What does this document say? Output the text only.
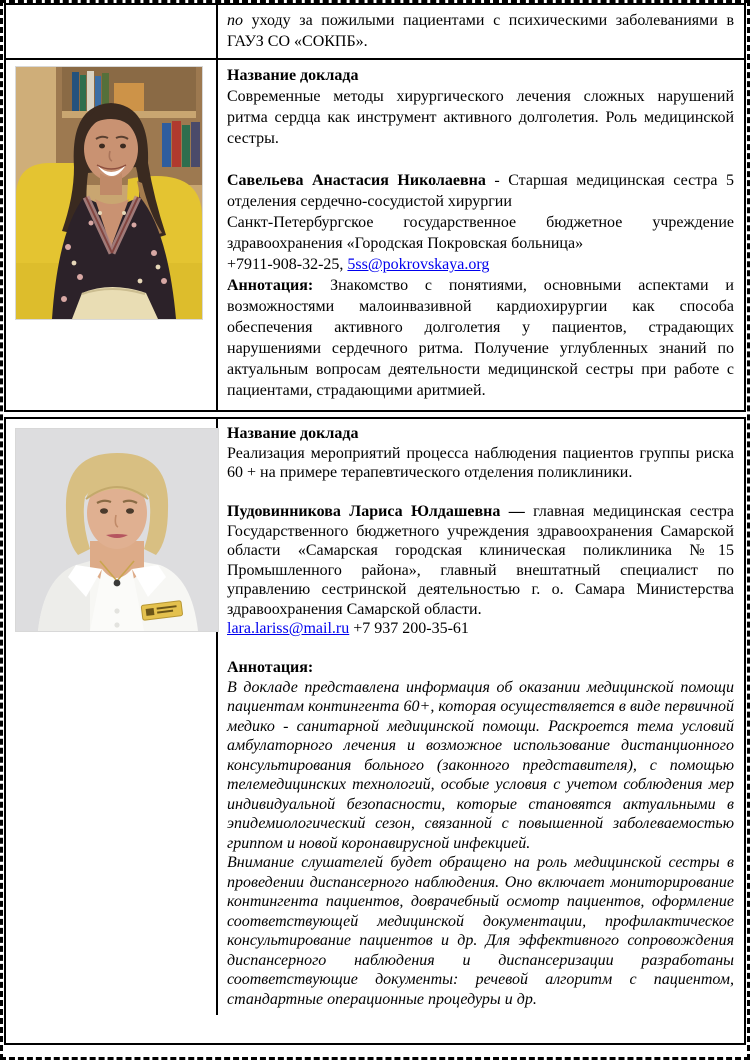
по уходу за пожилыми пациентами с психическими заболеваниями в ГАУЗ СО «СОКПБ».

Название доклада

Современные методы хирургического лечения сложных нарушений ритма сердца как инструмент активного долголетия. Роль медицинской сестры.

Савельева Анастасия Николаевна - Старшая медицинская сестра 5 отделения сердечно-сосудистой хирургии

Санкт-Петербургское государственное бюджетное учреждение здравоохранения «Городская Покровская больница»

+7911-908-32-25, 5ss@pokrovskaya.org

Аннотация: Знакомство с понятиями, основными аспектами и возможностями малоинвазивной кардиохирургии как способа обеспечения активного долголетия у пациентов, страдающих нарушениями сердечного ритма. Получение углубленных знаний по актуальным вопросам деятельности медицинской сестры при работе с пациентами, страдающими аритмией.

Название доклада

Реализация мероприятий процесса наблюдения пациентов группы риска 60 + на примере терапевтического отделения поликлиники.

Пудовинникова Лариса Юлдашевна — главная медицинская сестра Государственного бюджетного учреждения здравоохранения Самарской области «Самарская городская клиническая поликлиника №15 Промышленного района», главный внештатный специалист по управлению сестринской деятельностью г. о. Самара Министерства здравоохранения Самарской области.

lara.lariss@mail.ru +7 937 200-35-61

Аннотация:

В докладе представлена информация об оказании медицинской помощи пациентам контингента 60+, которая осуществляется в виде первичной медико - санитарной медицинской помощи. Раскроется тема условий амбулаторного лечения и возможное использование дистанционного консультирования больного (законного представителя), с помощью телемедицинских технологий, особые условия с учетом соблюдения мер индивидуальной безопасности, которые становятся актуальными в эпидемиологический сезон, связанной с повышенной заболеваемостью гриппом и новой коронавирусной инфекцией.

Внимание слушателей будет обращено на роль медицинской сестры в проведении диспансерного наблюдения. Оно включает мониторирование контингента пациентов, доврачебный осмотр пациентов, оформление соответствующей медицинской документации, профилактическое консультирование пациентов и др. Для эффективного сопровождения диспансерного наблюдения и диспансеризации разработаны соответствующие документы: речевой алгоритм с пациентом, стандартные операционные процедуры и др.
